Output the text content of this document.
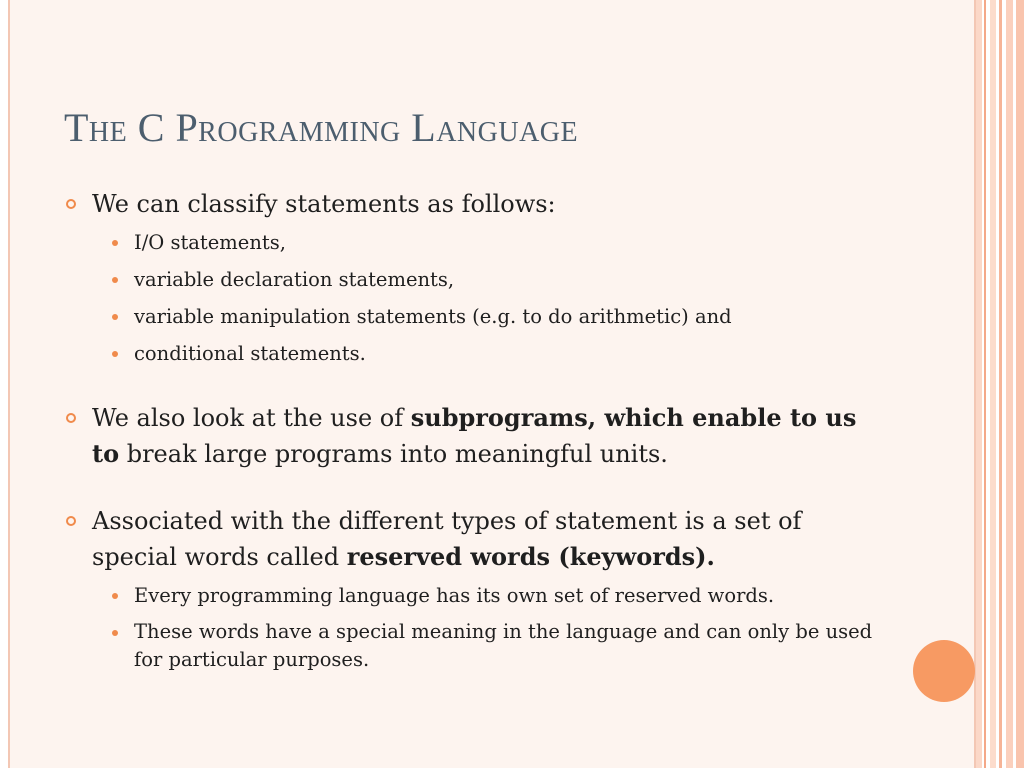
The C Programming Language
We can classify statements as follows:
I/O statements,
variable declaration statements,
variable manipulation statements (e.g. to do arithmetic) and
conditional statements.
We also look at the use of subprograms, which enable to us to break large programs into meaningful units.
Associated with the different types of statement is a set of special words called reserved words (keywords).
Every programming language has its own set of reserved words.
These words have a special meaning in the language and can only be used for particular purposes.
